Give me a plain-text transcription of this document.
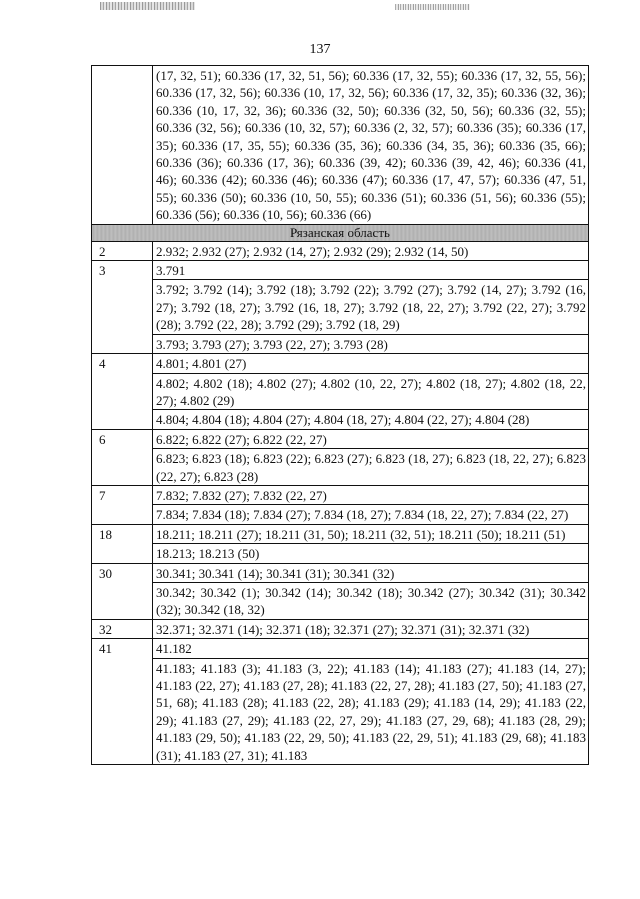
137
	(17, 32, 51); 60.336 (17, 32, 51, 56); 60.336 (17, 32, 55); 60.336 (17, 32, 55, 56); 60.336 (17, 32, 56); 60.336 (10, 17, 32, 56); 60.336 (17, 32, 35); 60.336 (32, 36); 60.336 (10, 17, 32, 36); 60.336 (32, 50); 60.336 (32, 50, 56); 60.336 (32, 55); 60.336 (32, 56); 60.336 (10, 32, 57); 60.336 (2, 32, 57); 60.336 (35); 60.336 (17, 35); 60.336 (17, 35, 55); 60.336 (35, 36); 60.336 (34, 35, 36); 60.336 (35, 66); 60.336 (36); 60.336 (17, 36); 60.336 (39, 42); 60.336 (39, 42, 46); 60.336 (41, 46); 60.336 (42); 60.336 (46); 60.336 (47); 60.336 (17, 47, 57); 60.336 (47, 51, 55); 60.336 (50); 60.336 (10, 50, 55); 60.336 (51); 60.336 (51, 56); 60.336 (55); 60.336 (56); 60.336 (10, 56); 60.336 (66)
Рязанская область	
2	2.932; 2.932 (27); 2.932 (14, 27); 2.932 (29); 2.932 (14, 50)
3	3.791
	3.792; 3.792 (14); 3.792 (18); 3.792 (22); 3.792 (27); 3.792 (14, 27); 3.792 (16, 27); 3.792 (18, 27); 3.792 (16, 18, 27); 3.792 (18, 22, 27); 3.792 (22, 27); 3.792 (28); 3.792 (22, 28); 3.792 (29); 3.792 (18, 29)
	3.793; 3.793 (27); 3.793 (22, 27); 3.793 (28)
4	4.801; 4.801 (27)
	4.802; 4.802 (18); 4.802 (27); 4.802 (10, 22, 27); 4.802 (18, 27); 4.802 (18, 22, 27); 4.802 (29)
	4.804; 4.804 (18); 4.804 (27); 4.804 (18, 27); 4.804 (22, 27); 4.804 (28)
6	6.822; 6.822 (27); 6.822 (22, 27)
	6.823; 6.823 (18); 6.823 (22); 6.823 (27); 6.823 (18, 27); 6.823 (18, 22, 27); 6.823 (22, 27); 6.823 (28)
7	7.832; 7.832 (27); 7.832 (22, 27)
	7.834; 7.834 (18); 7.834 (27); 7.834 (18, 27); 7.834 (18, 22, 27); 7.834 (22, 27)
18	18.211; 18.211 (27); 18.211 (31, 50); 18.211 (32, 51); 18.211 (50); 18.211 (51)
	18.213; 18.213 (50)
30	30.341; 30.341 (14); 30.341 (31); 30.341 (32)
	30.342; 30.342 (1); 30.342 (14); 30.342 (18); 30.342 (27); 30.342 (31); 30.342 (32); 30.342 (18, 32)
32	32.371; 32.371 (14); 32.371 (18); 32.371 (27); 32.371 (31); 32.371 (32)
41	41.182
	41.183; 41.183 (3); 41.183 (3, 22); 41.183 (14); 41.183 (27); 41.183 (14, 27); 41.183 (22, 27); 41.183 (27, 28); 41.183 (22, 27, 28); 41.183 (27, 50); 41.183 (27, 51, 68); 41.183 (28); 41.183 (22, 28); 41.183 (29); 41.183 (14, 29); 41.183 (22, 29); 41.183 (27, 29); 41.183 (22, 27, 29); 41.183 (27, 29, 68); 41.183 (28, 29); 41.183 (29, 50); 41.183 (22, 29, 50); 41.183 (22, 29, 51); 41.183 (29, 68); 41.183 (31); 41.183 (27, 31); 41.183
